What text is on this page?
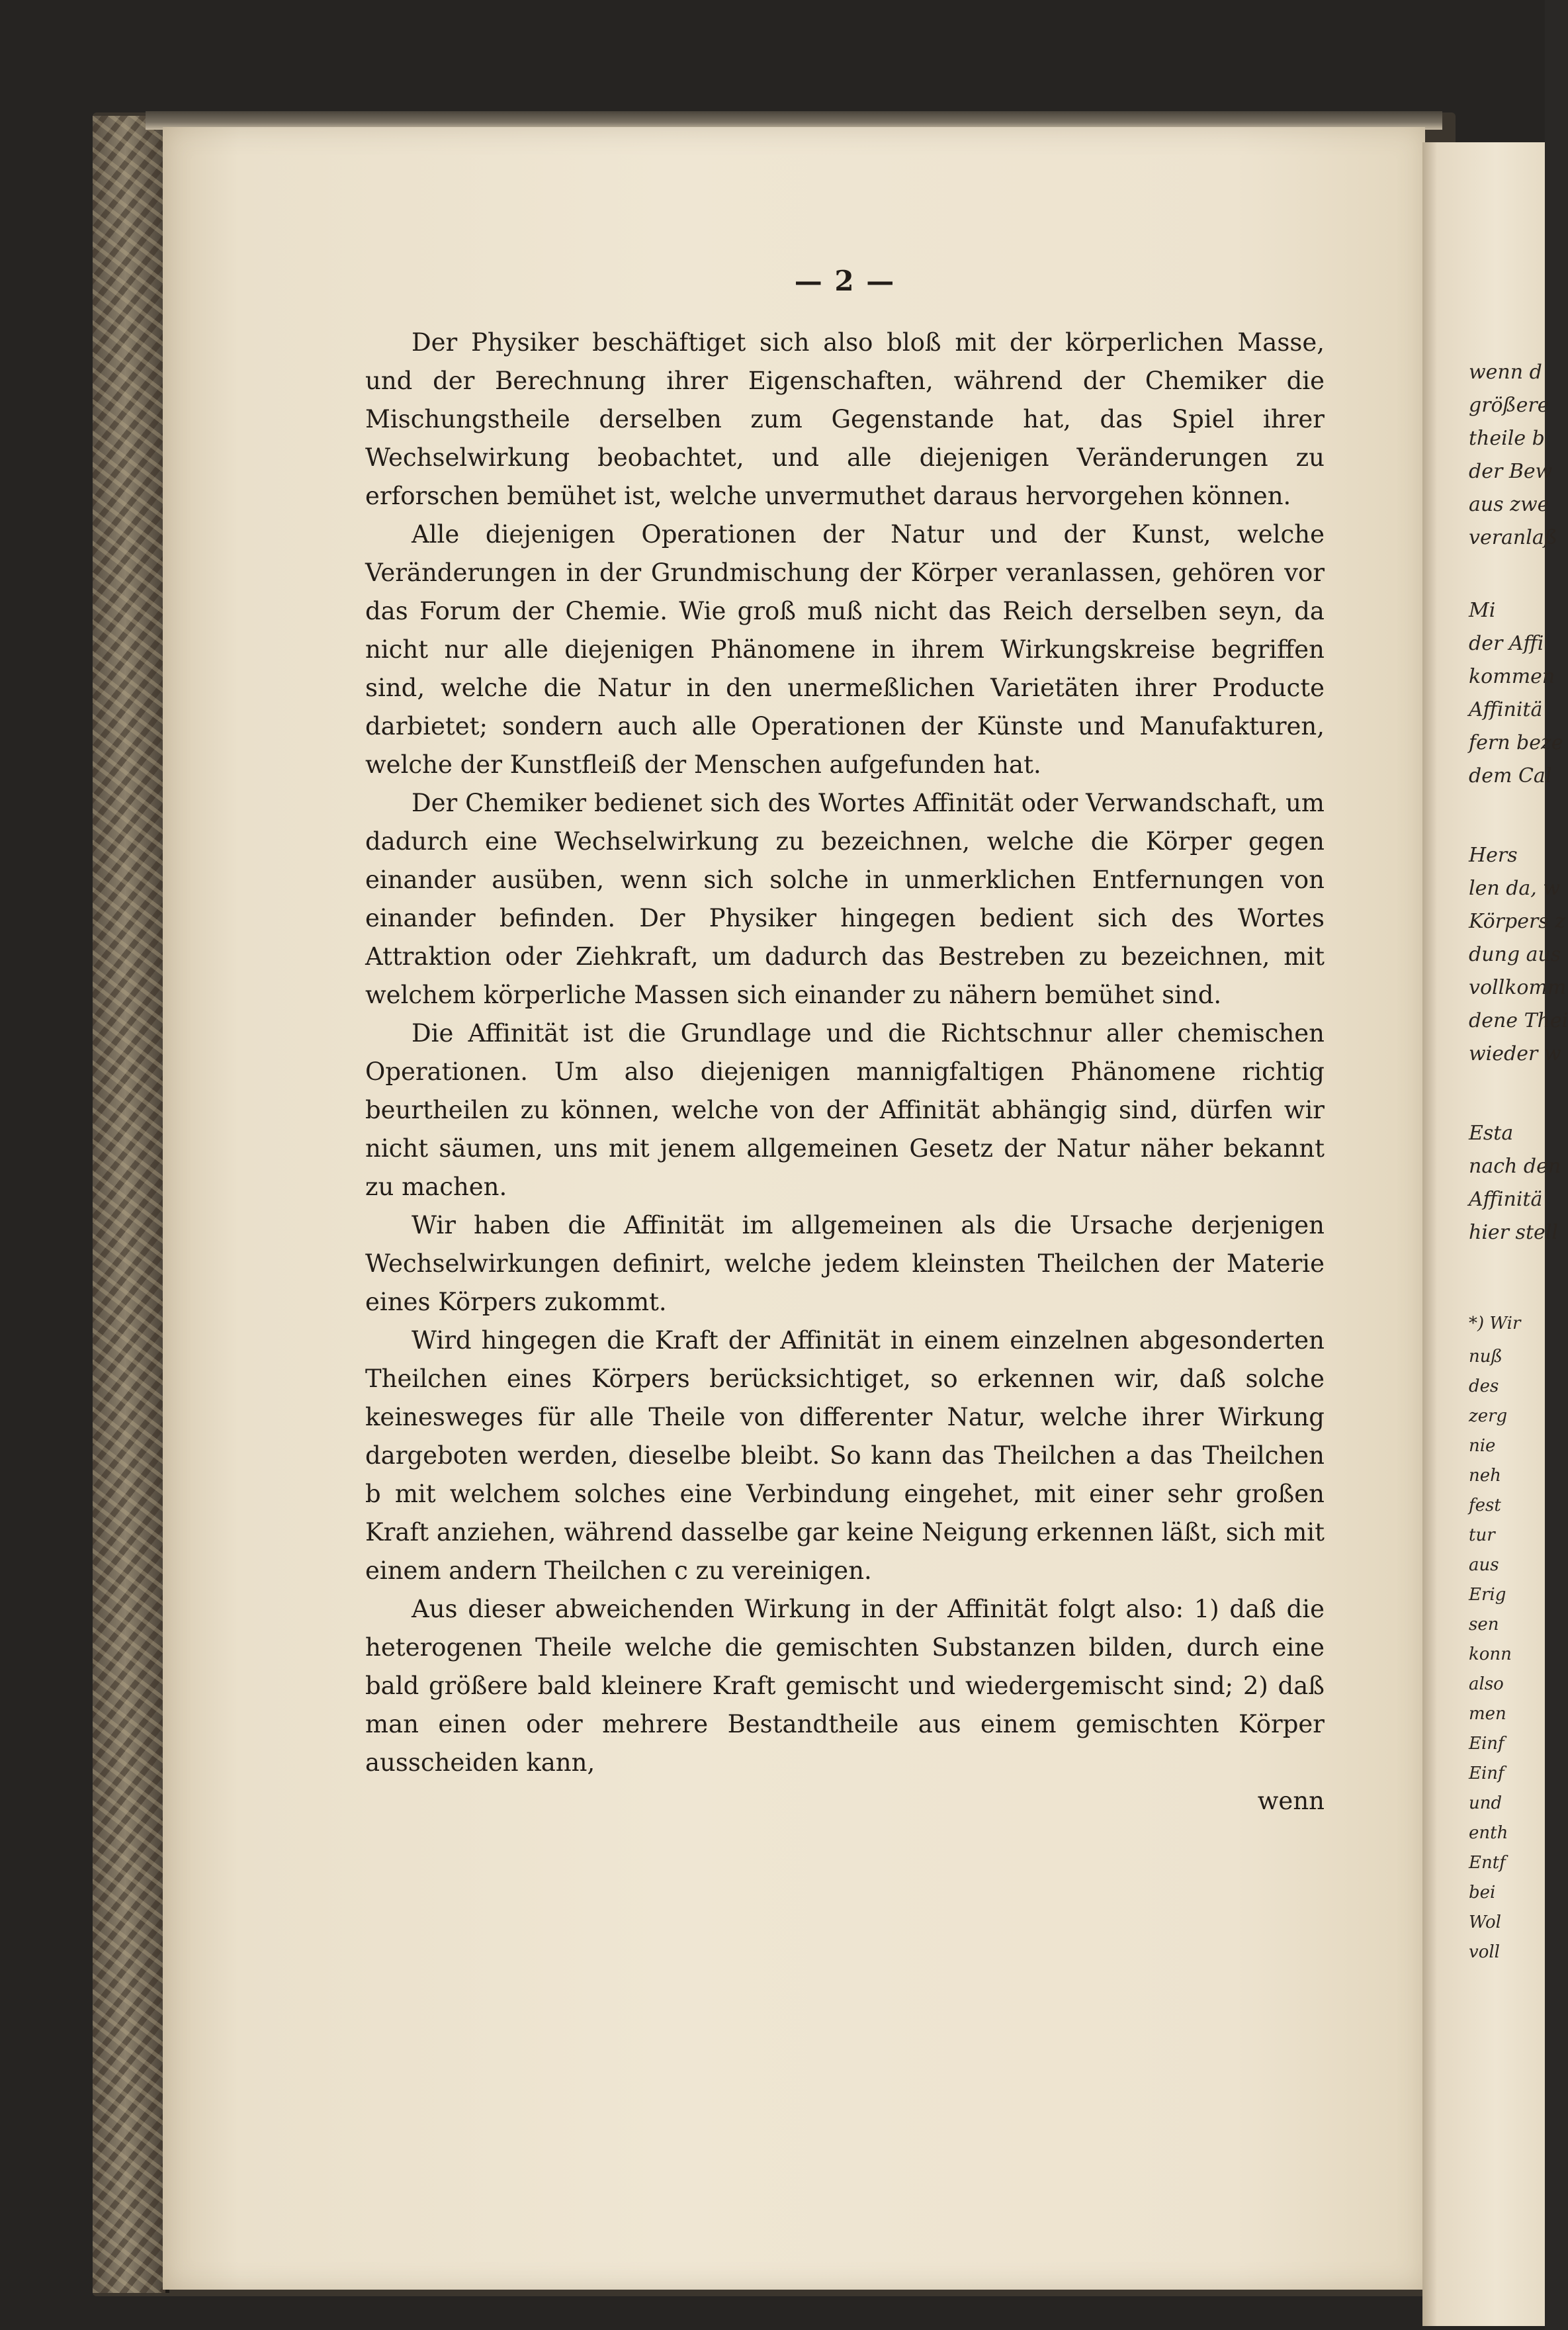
wenn d
größere
theile b
der Bew
aus zwe
veranlaß
Mi
der Affi
kommen
Affinitä
fern beze
dem Cal
Hers
len da, w
Körpers z
dung aus
vollkomm
dene Thei
wieder w
Esta
nach den
Affinitä
hier stell
*) Wir
nuß
des
zerg
nie
neh
fest
tur
aus
Erig
sen
konn
also
men
Einf
Einf
und
enth
Entf
bei
Wol
voll
— 2 —

Der Physiker beschäftiget sich also bloß mit der körperlichen Masse, und der Berechnung ihrer Eigenschaften, während der Chemiker die Mischungstheile derselben zum Gegenstande hat, das Spiel ihrer Wechselwirkung beobachtet, und alle diejenigen Veränderungen zu erforschen bemühet ist, welche unvermuthet daraus hervorgehen können.

Alle diejenigen Operationen der Natur und der Kunst, welche Veränderungen in der Grundmischung der Körper veranlassen, gehören vor das Forum der Chemie. Wie groß muß nicht das Reich derselben seyn, da nicht nur alle diejenigen Phänomene in ihrem Wirkungskreise begriffen sind, welche die Natur in den unermeßlichen Varietäten ihrer Producte darbietet; sondern auch alle Operationen der Künste und Manufakturen, welche der Kunstfleiß der Menschen aufgefunden hat.

Der Chemiker bedienet sich des Wortes Affinität oder Verwandschaft, um dadurch eine Wechselwirkung zu bezeichnen, welche die Körper gegen einander ausüben, wenn sich solche in unmerklichen Entfernungen von einander befinden. Der Physiker hingegen bedient sich des Wortes Attraktion oder Ziehkraft, um dadurch das Bestreben zu bezeichnen, mit welchem körperliche Massen sich einander zu nähern bemühet sind.

Die Affinität ist die Grundlage und die Richtschnur aller chemischen Operationen. Um also diejenigen mannigfaltigen Phänomene richtig beurtheilen zu können, welche von der Affinität abhängig sind, dürfen wir nicht säumen, uns mit jenem allgemeinen Gesetz der Natur näher bekannt zu machen.

Wir haben die Affinität im allgemeinen als die Ursache derjenigen Wechselwirkungen definirt, welche jedem kleinsten Theilchen der Materie eines Körpers zukommt.

Wird hingegen die Kraft der Affinität in einem einzelnen abgesonderten Theilchen eines Körpers berücksichtiget, so erkennen wir, daß solche keinesweges für alle Theile von differenter Natur, welche ihrer Wirkung dargeboten werden, dieselbe bleibt. So kann das Theilchen a das Theilchen b mit welchem solches eine Verbindung eingehet, mit einer sehr großen Kraft anziehen, während dasselbe gar keine Neigung erkennen läßt, sich mit einem andern Theilchen c zu vereinigen.

Aus dieser abweichenden Wirkung in der Affinität folgt also: 1) daß die heterogenen Theile welche die gemischten Substanzen bilden, durch eine bald größere bald kleinere Kraft gemischt und wiedergemischt sind; 2) daß man einen oder mehrere Bestandtheile aus einem gemischten Körper ausscheiden kann,

wenn
